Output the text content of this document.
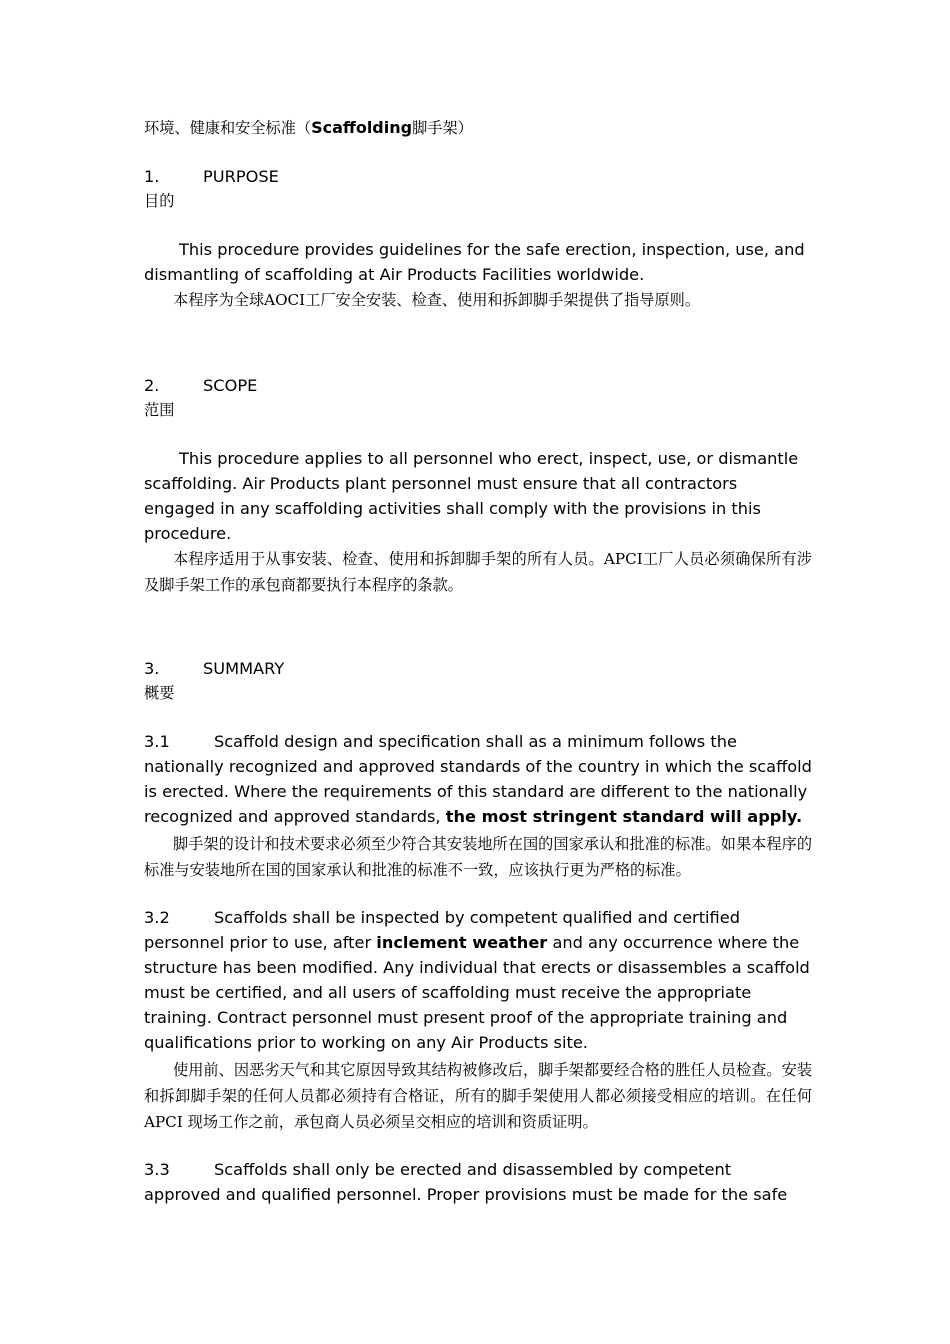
环境、健康和安全标准（Scaffolding脚手架）

1.	PURPOSE

目的

This procedure provides guidelines for the safe erection, inspection, use, and dismantling of scaffolding at Air Products Facilities worldwide.

本程序为全球AOCI工厂安全安装、检查、使用和拆卸脚手架提供了指导原则。

2.	SCOPE

范围

This procedure applies to all personnel who erect, inspect, use, or dismantle scaffolding. Air Products plant personnel must ensure that all contractors engaged in any scaffolding activities shall comply with the provisions in this procedure.

本程序适用于从事安装、检查、使用和拆卸脚手架的所有人员。APCI工厂人员必须确保所有涉及脚手架工作的承包商都要执行本程序的条款。

3.	SUMMARY

概要

3.1	Scaffold design and specification shall as a minimum follows the nationally recognized and approved standards of the country in which the scaffold is erected. Where the requirements of this standard are different to the nationally recognized and approved standards, the most stringent standard will apply.

脚手架的设计和技术要求必须至少符合其安装地所在国的国家承认和批准的标准。如果本程序的标准与安装地所在国的国家承认和批准的标准不一致，应该执行更为严格的标准。

3.2	Scaffolds shall be inspected by competent qualified and certified personnel prior to use, after inclement weather and any occurrence where the structure has been modified. Any individual that erects or disassembles a scaffold must be certified, and all users of scaffolding must receive the appropriate training. Contract personnel must present proof of the appropriate training and qualifications prior to working on any Air Products site.

使用前、因恶劣天气和其它原因导致其结构被修改后，脚手架都要经合格的胜任人员检查。安装和拆卸脚手架的任何人员都必须持有合格证，所有的脚手架使用人都必须接受相应的培训。在任何APCI 现场工作之前，承包商人员必须呈交相应的培训和资质证明。

3.3	Scaffolds shall only be erected and disassembled by competent approved and qualified personnel. Proper provisions must be made for the safe
